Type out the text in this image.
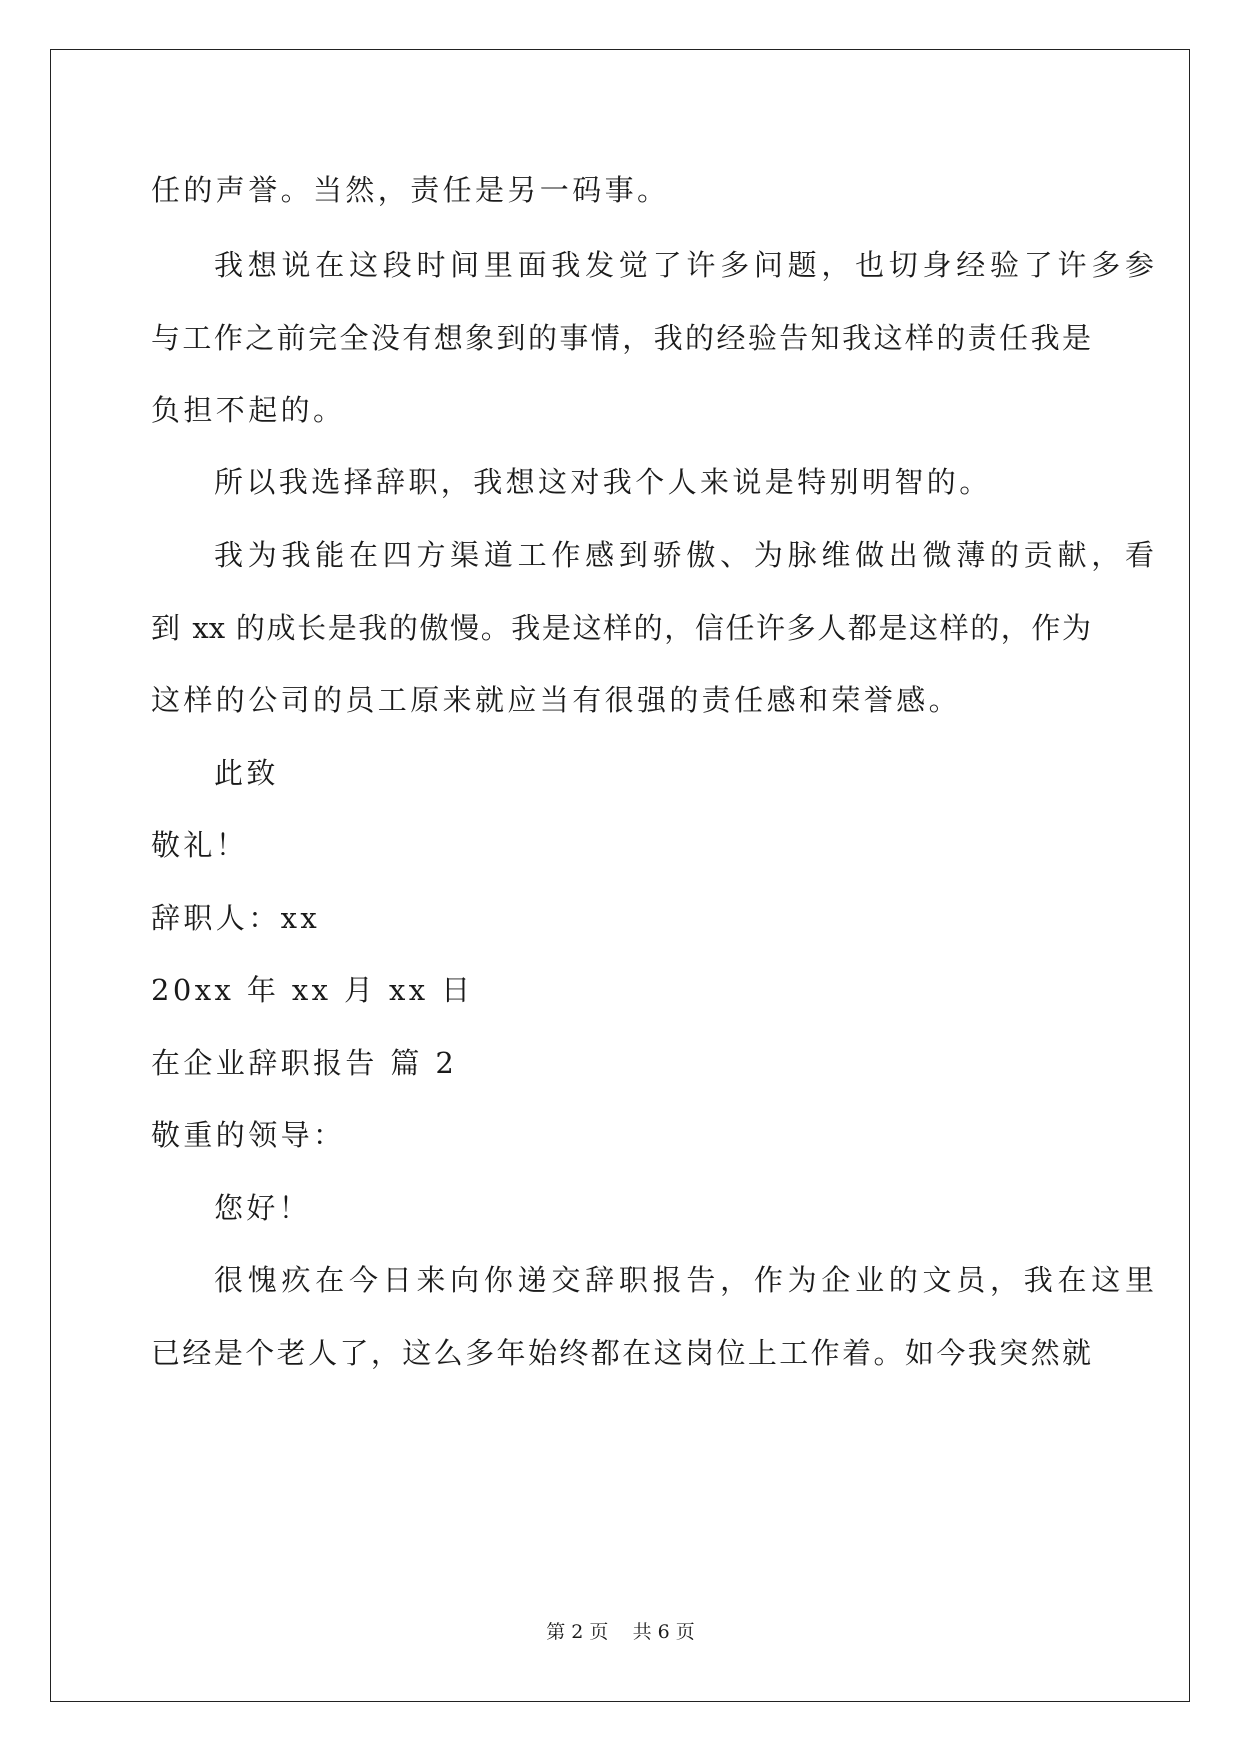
任的声誉。当然，责任是另一码事。
我想说在这段时间里面我发觉了许多问题，也切身经验了许多参
与工作之前完全没有想象到的事情，我的经验告知我这样的责任我是
负担不起的。
所以我选择辞职，我想这对我个人来说是特别明智的。
我为我能在四方渠道工作感到骄傲、为脉维做出微薄的贡献，看
到 xx 的成长是我的傲慢。我是这样的，信任许多人都是这样的，作为
这样的公司的员工原来就应当有很强的责任感和荣誉感。
此致
敬礼！
辞职人：xx
20xx 年 xx 月 xx 日
在企业辞职报告 篇 2
敬重的领导：
您好！
很愧疚在今日来向你递交辞职报告，作为企业的文员，我在这里
已经是个老人了，这么多年始终都在这岗位上工作着。如今我突然就
第 2 页    共 6 页
